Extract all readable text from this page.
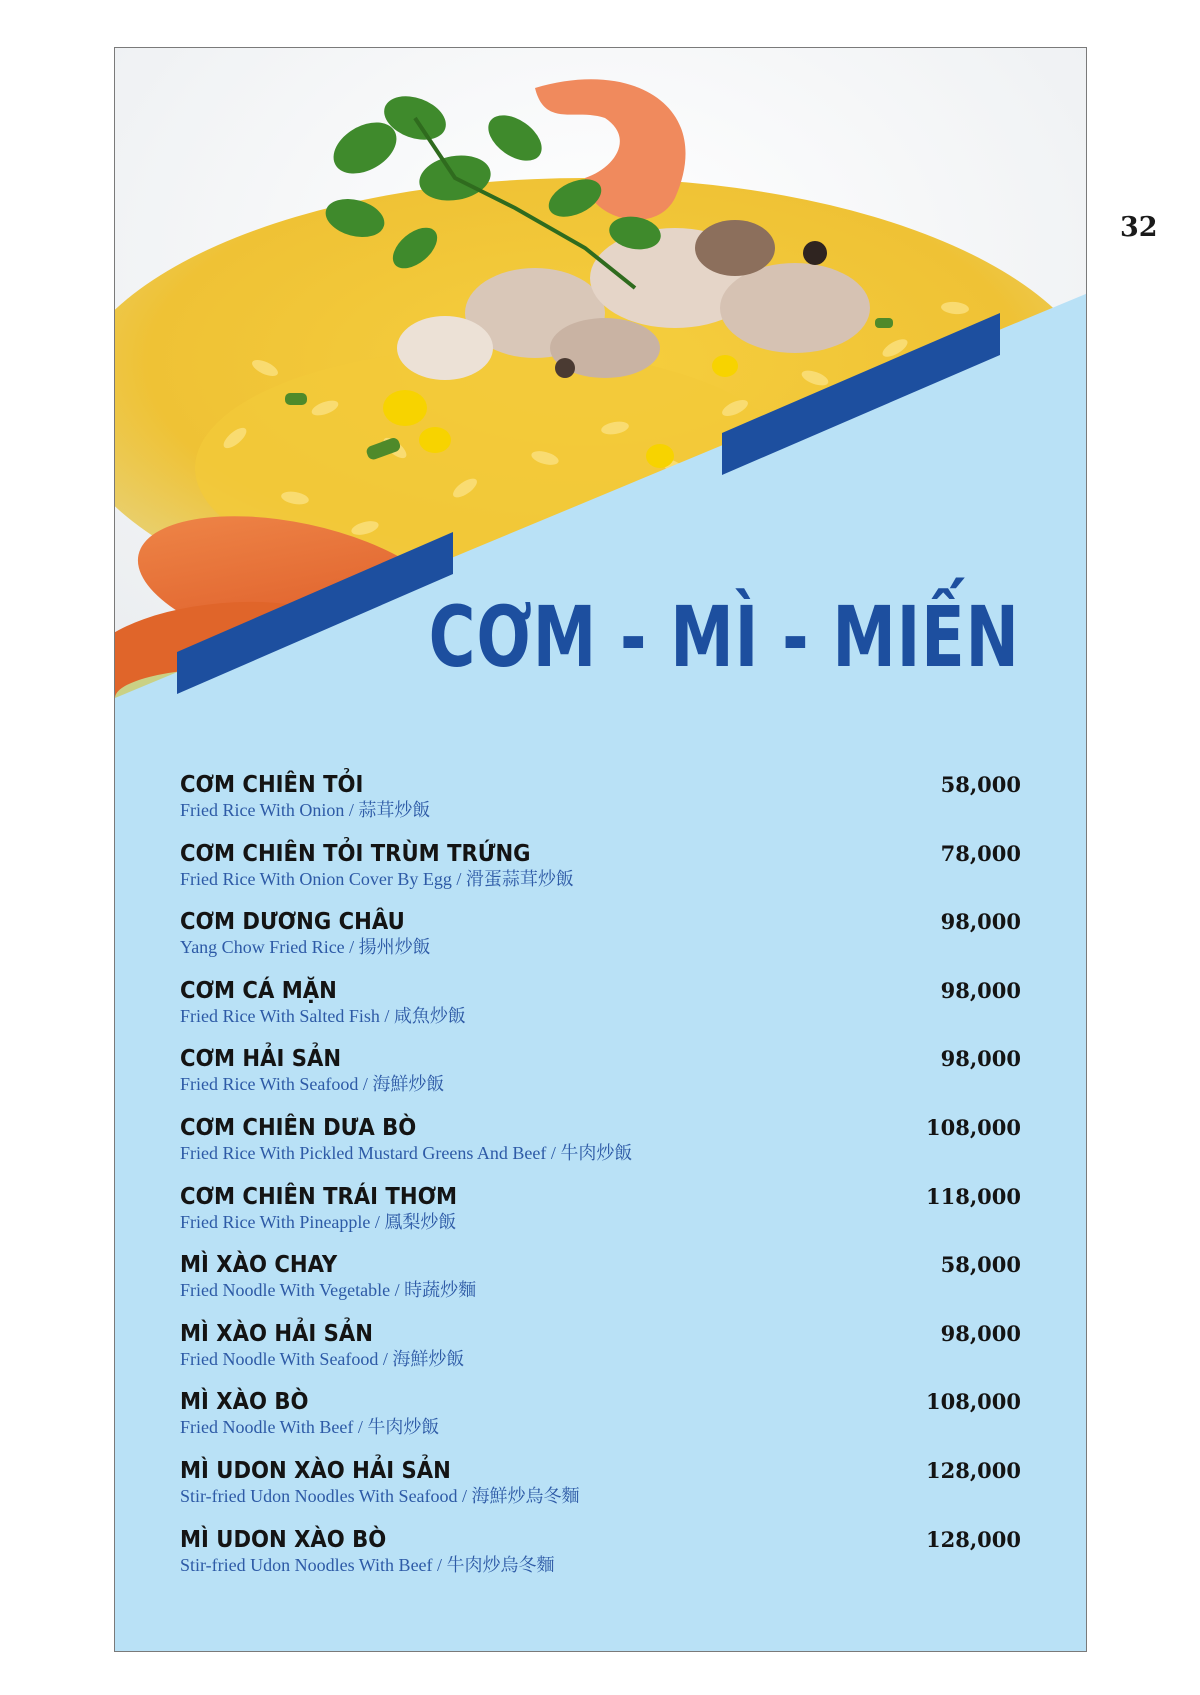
32
CƠM - MÌ - MIẾN
CƠM CHIÊN TỎI
Fried Rice With Onion / 蒜茸炒飯
58,000
CƠM CHIÊN TỎI TRÙM TRỨNG
Fried Rice With Onion Cover By Egg / 滑蛋蒜茸炒飯
78,000
CƠM DƯƠNG CHÂU
Yang Chow Fried Rice / 揚州炒飯
98,000
CƠM CÁ MẶN
Fried Rice With Salted Fish / 咸魚炒飯
98,000
CƠM HẢI SẢN
Fried Rice With Seafood / 海鮮炒飯
98,000
CƠM CHIÊN DƯA BÒ
Fried Rice With Pickled Mustard Greens And Beef / 牛肉炒飯
108,000
CƠM CHIÊN TRÁI THƠM
Fried Rice With Pineapple / 鳳梨炒飯
118,000
MÌ XÀO CHAY
Fried Noodle With Vegetable / 時蔬炒麵
58,000
MÌ XÀO HẢI SẢN
Fried Noodle With Seafood / 海鮮炒飯
98,000
MÌ XÀO BÒ
Fried Noodle With Beef / 牛肉炒飯
108,000
MÌ UDON XÀO HẢI SẢN
Stir-fried Udon Noodles With Seafood / 海鮮炒烏冬麵
128,000
MÌ UDON XÀO BÒ
Stir-fried Udon Noodles With Beef / 牛肉炒烏冬麵
128,000
